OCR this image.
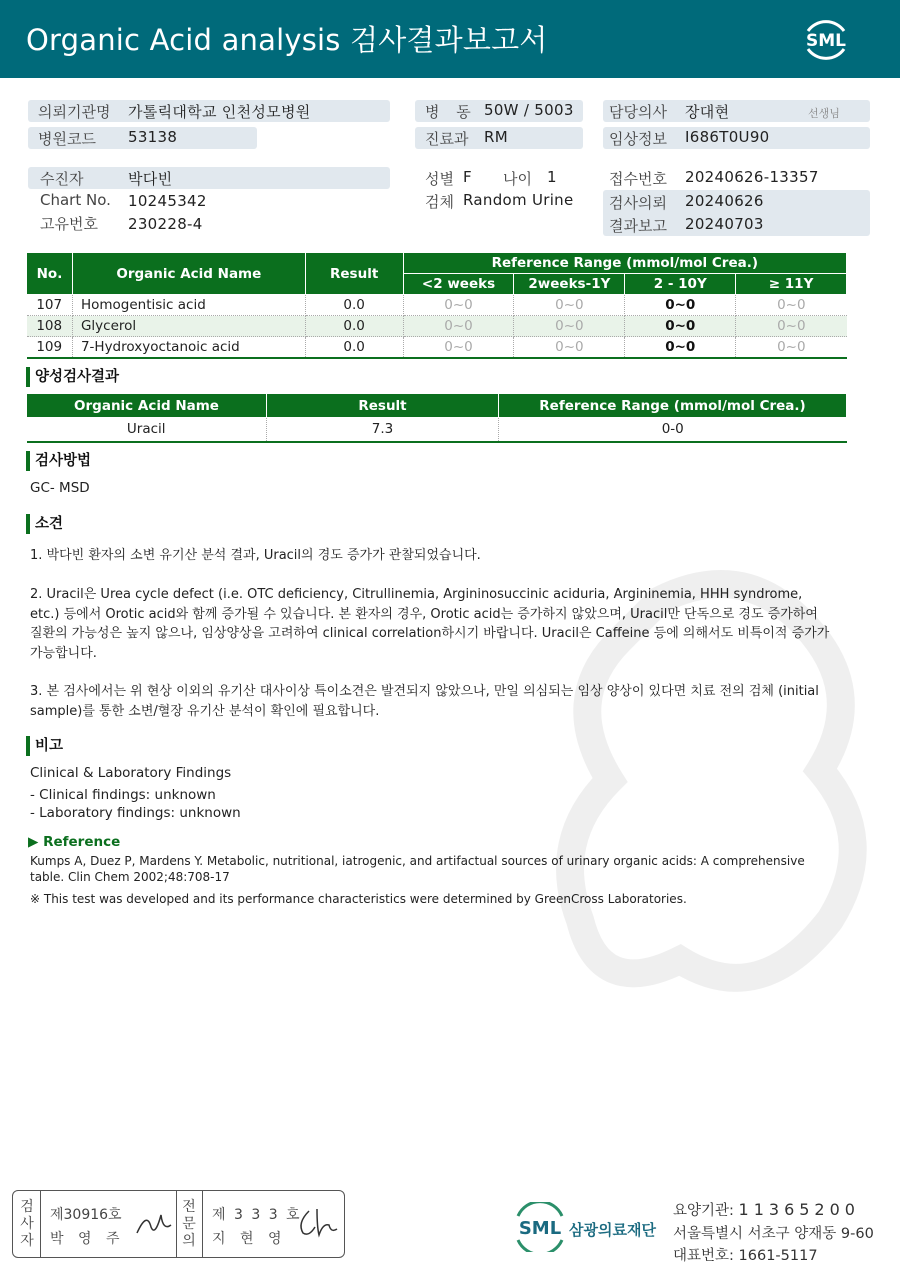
Organic Acid analysis 검사결과보고서	SML
의뢰기관명 가톨릭대학교 인천성모병원
병원코드 53138
병 동 50W / 5003
진료과 RM
담당의사 장대현	선생님
임상정보 I686T0U90
수진자	박다빈
Chart No. 10245342
고유번호 230228-4
성별 F 나이 1
검체 Random Urine
접수번호 20240626-13357
검사의뢰 20240626
결과보고 20240703
No.	Organic Acid Name	Result	Reference Range (mmol/mol Crea.)			
			<2 weeks	2weeks-1Y	2 - 10Y	≥ 11Y
107	Homogentisic acid	0.0	0~0	0~0	0~0	0~0
108	Glycerol	0.0	0~0	0~0	0~0	0~0
109	7-Hydroxyoctanoic acid	0.0	0~0	0~0	0~0	0~0
양성검사결과
Organic Acid Name	Result	Reference Range (mmol/mol Crea.)
Uracil	7.3	0-0
검사방법
GC- MSD
소견
1. 박다빈 환자의 소변 유기산 분석 결과, Uracil의 경도 증가가 관찰되었습니다.
2. Uracil은 Urea cycle defect (i.e. OTC deficiency, Citrullinemia, Argininosuccinic aciduria, Argininemia, HHH syndrome, etc.) 등에서 Orotic acid와 함께 증가될 수 있습니다. 본 환자의 경우, Orotic acid는 증가하지 않았으며, Uracil만 단독으로 경도 증가하여 질환의 가능성은 높지 않으나, 임상양상을 고려하여 clinical correlation하시기 바랍니다. Uracil은 Caffeine 등에 의해서도 비특이적 증가가 가능합니다.
3. 본 검사에서는 위 현상 이외의 유기산 대사이상 특이소견은 발견되지 않았으나, 만일 의심되는 임상 양상이 있다면 치료 전의 검체 (initial sample)를 통한 소변/혈장 유기산 분석이 확인에 필요합니다.
비고
Clinical & Laboratory Findings
- Clinical findings: unknown
- Laboratory findings: unknown
▶ Reference
Kumps A, Duez P, Mardens Y. Metabolic, nutritional, iatrogenic, and artifactual sources of urinary organic acids: A comprehensive table. Clin Chem 2002;48:708-17
※ This test was developed and its performance characteristics were determined by GreenCross Laboratories.
검사자
제30916호
박 영 주
전문의
제 3 3 3 호
지 현 영	SML 삼광의료재단
요양기관: 11365200
서울특별시 서초구 양재동 9-60
대표번호: 1661-5117
